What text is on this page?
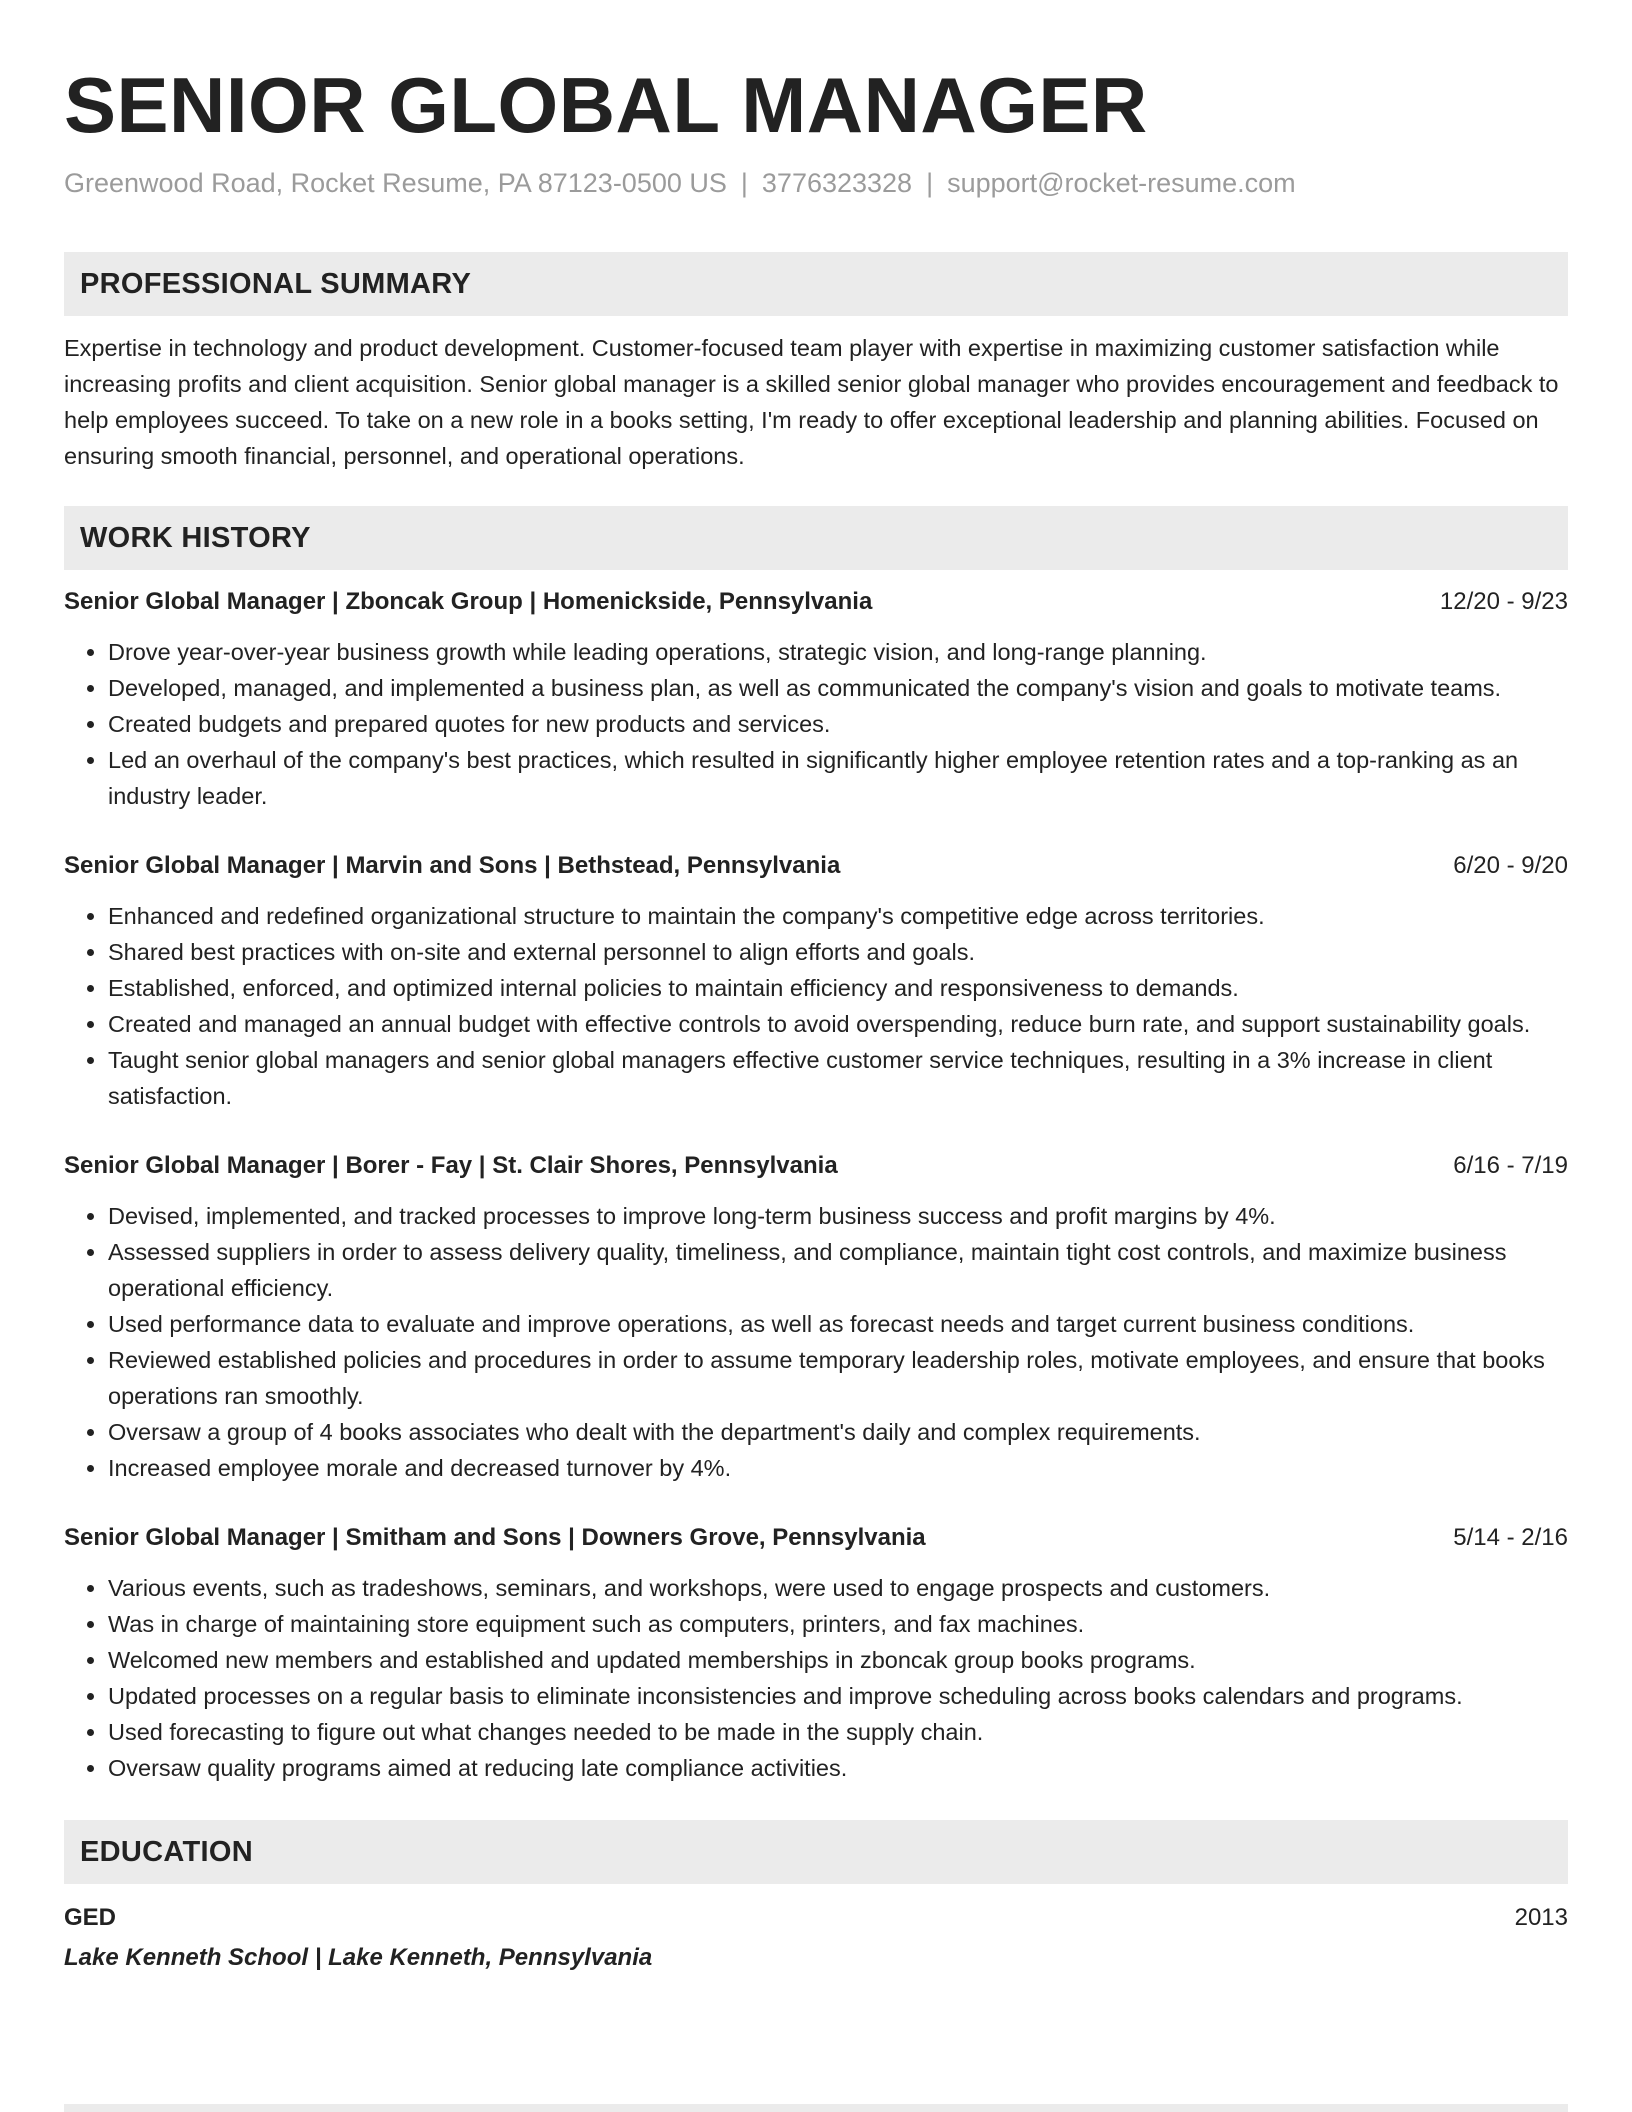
SENIOR GLOBAL MANAGER
Greenwood Road, Rocket Resume, PA 87123-0500 US | 3776323328 | support@rocket-resume.com
PROFESSIONAL SUMMARY
Expertise in technology and product development. Customer-focused team player with expertise in maximizing customer satisfaction while increasing profits and client acquisition. Senior global manager is a skilled senior global manager who provides encouragement and feedback to help employees succeed. To take on a new role in a books setting, I'm ready to offer exceptional leadership and planning abilities. Focused on ensuring smooth financial, personnel, and operational operations.
WORK HISTORY
Senior Global Manager | Zboncak Group | Homenickside, Pennsylvania	12/20 - 9/23
• Drove year-over-year business growth while leading operations, strategic vision, and long-range planning.
• Developed, managed, and implemented a business plan, as well as communicated the company's vision and goals to motivate teams.
• Created budgets and prepared quotes for new products and services.
• Led an overhaul of the company's best practices, which resulted in significantly higher employee retention rates and a top-ranking as an industry leader.
Senior Global Manager | Marvin and Sons | Bethstead, Pennsylvania	6/20 - 9/20
• Enhanced and redefined organizational structure to maintain the company's competitive edge across territories.
• Shared best practices with on-site and external personnel to align efforts and goals.
• Established, enforced, and optimized internal policies to maintain efficiency and responsiveness to demands.
• Created and managed an annual budget with effective controls to avoid overspending, reduce burn rate, and support sustainability goals.
• Taught senior global managers and senior global managers effective customer service techniques, resulting in a 3% increase in client satisfaction.
Senior Global Manager | Borer - Fay | St. Clair Shores, Pennsylvania	6/16 - 7/19
• Devised, implemented, and tracked processes to improve long-term business success and profit margins by 4%.
• Assessed suppliers in order to assess delivery quality, timeliness, and compliance, maintain tight cost controls, and maximize business operational efficiency.
• Used performance data to evaluate and improve operations, as well as forecast needs and target current business conditions.
• Reviewed established policies and procedures in order to assume temporary leadership roles, motivate employees, and ensure that books operations ran smoothly.
• Oversaw a group of 4 books associates who dealt with the department's daily and complex requirements.
• Increased employee morale and decreased turnover by 4%.
Senior Global Manager | Smitham and Sons | Downers Grove, Pennsylvania	5/14 - 2/16
• Various events, such as tradeshows, seminars, and workshops, were used to engage prospects and customers.
• Was in charge of maintaining store equipment such as computers, printers, and fax machines.
• Welcomed new members and established and updated memberships in zboncak group books programs.
• Updated processes on a regular basis to eliminate inconsistencies and improve scheduling across books calendars and programs.
• Used forecasting to figure out what changes needed to be made in the supply chain.
• Oversaw quality programs aimed at reducing late compliance activities.
EDUCATION
GED	2013
Lake Kenneth School | Lake Kenneth, Pennsylvania
